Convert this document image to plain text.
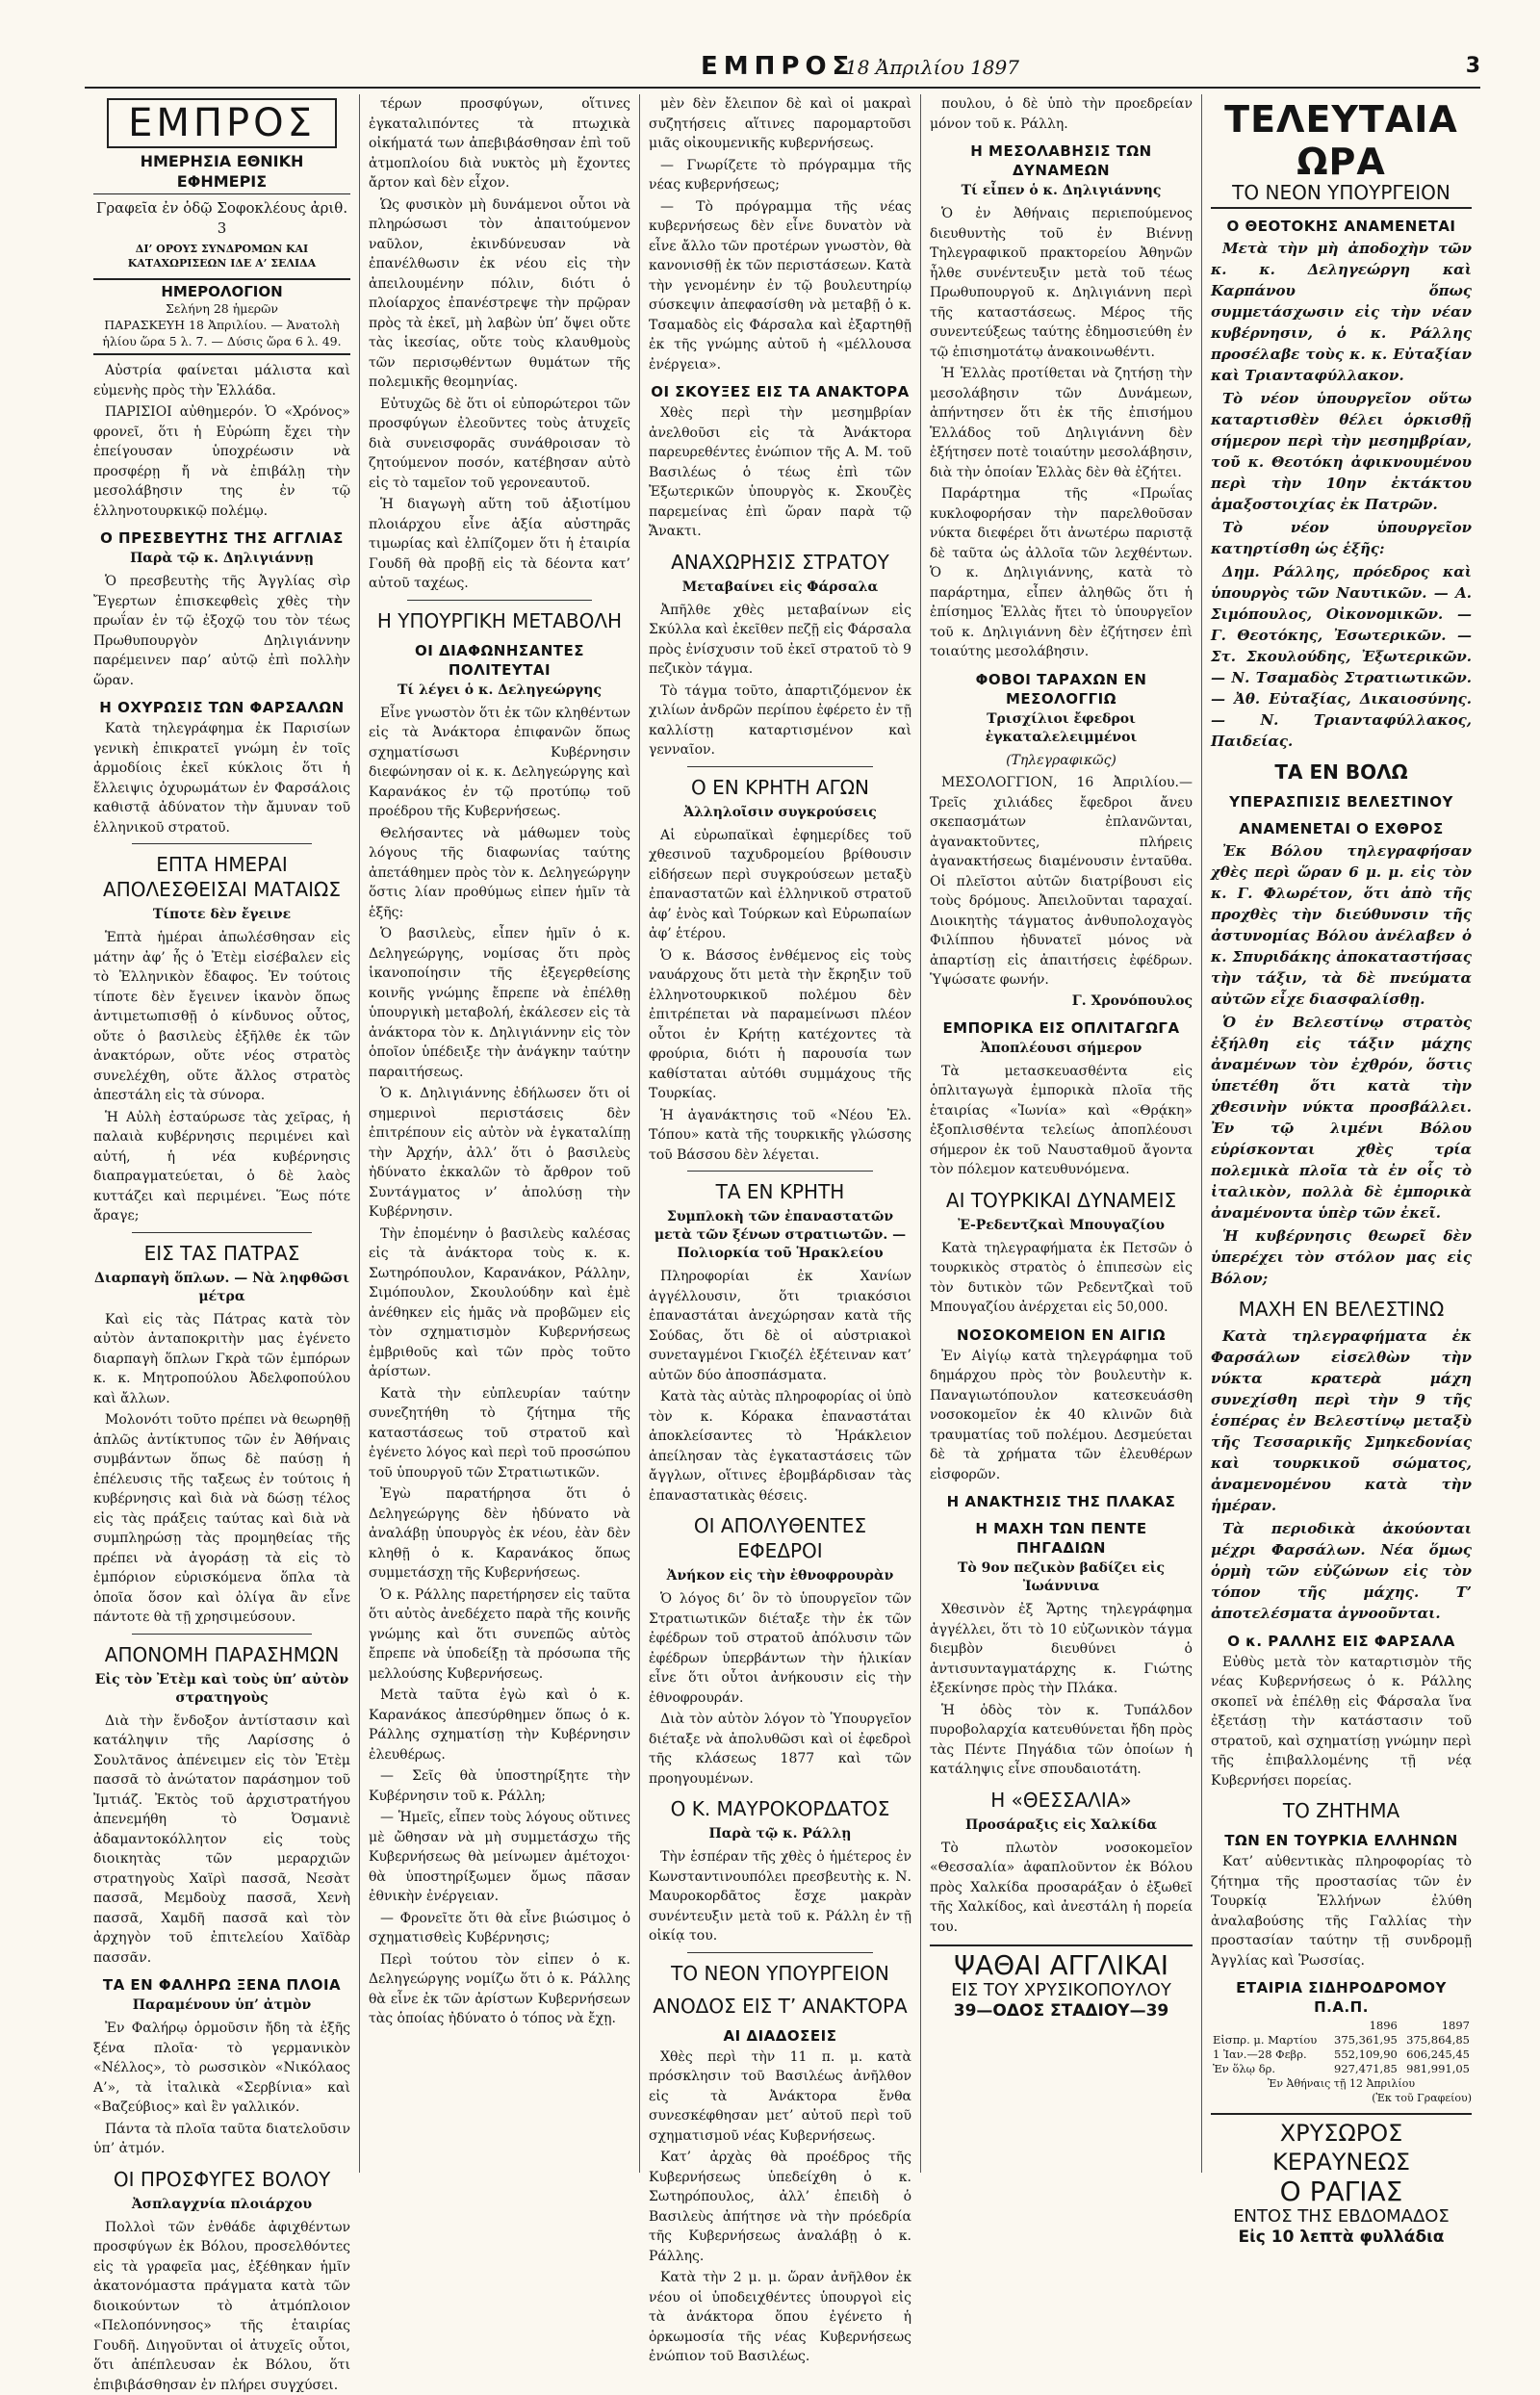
ΕΜΠΡΟΣ
18 Ἀπριλίου 1897	3
ΕΜΠΡΟΣ
ΗΜΕΡΗΣΙΑ ΕΘΝΙΚΗ ΕΦΗΜΕΡΙΣ
Γραφεῖα ἐν ὁδῷ Σοφοκλέους ἀριθ. 3
ΔΙ’ ΟΡΟΥΣ ΣΥΝΔΡΟΜΩΝ ΚΑΙ ΚΑΤΑΧΩΡΙΣΕΩΝ ΙΔΕ Α’ ΣΕΛΙΔΑ
ΗΜΕΡΟΛΟΓΙΟΝ
Σελήνη 28 ἡμερῶν
ΠΑΡΑΣΚΕΥΗ 18 Ἀπριλίου. — Ἀνατολὴ ἡλίου ὥρα 5 λ. 7. — Δύσις ὥρα 6 λ. 49.

Αὐστρία φαίνεται μάλιστα καὶ εὐμενὴς πρὸς τὴν Ἑλλάδα.

ΠΑΡΙΣΙΟΙ αὐθημερόν. Ὁ «Χρόνος» φρονεῖ, ὅτι ἡ Εὐρώπη ἔχει τὴν ἐπείγουσαν ὑποχρέωσιν νὰ προσφέρῃ ἤ νὰ ἐπιβάλῃ τὴν μεσολάβησιν της ἐν τῷ ἑλληνοτουρκικῷ πολέμῳ.

Ο ΠΡΕΣΒΕΥΤΗΣ ΤΗΣ ΑΓΓΛΙΑΣ
Παρὰ τῷ κ. Δηλιγιάννῃ

Ὁ πρεσβευτὴς τῆς Ἀγγλίας σὶρ Ἔγερτων ἐπισκεφθεὶς χθὲς τὴν πρωΐαν ἐν τῷ ἐξοχῷ του τὸν τέως Πρωθυπουργὸν Δηλιγιάννην παρέμεινεν παρ’ αὐτῷ ἐπὶ πολλὴν ὥραν.

Η ΟΧΥΡΩΣΙΣ ΤΩΝ ΦΑΡΣΑΛΩΝ

Κατὰ τηλεγράφημα ἐκ Παρισίων γενικὴ ἐπικρατεῖ γνώμη ἐν τοῖς ἁρμοδίοις ἐκεῖ κύκλοις ὅτι ἡ ἔλλειψις ὀχυρωμάτων ἐν Φαρσάλοις καθιστᾷ ἀδύνατον τὴν ἄμυναν τοῦ ἑλληνικοῦ στρατοῦ.

ΕΠΤΑ ΗΜΕΡΑΙ ΑΠΟΛΕΣΘΕΙΣΑΙ ΜΑΤΑΙΩΣ
Τίποτε δὲν ἔγεινε

Ἑπτὰ ἡμέραι ἀπωλέσθησαν εἰς μάτην ἀφ’ ἧς ὁ Ἐτὲμ εἰσέβαλεν εἰς τὸ Ἑλληνικὸν ἔδαφος. Ἐν τούτοις τίποτε δὲν ἔγεινεν ἱκανὸν ὅπως ἀντιμετωπισθῇ ὁ κίνδυνος οὗτος, οὔτε ὁ βασιλεὺς ἐξῆλθε ἐκ τῶν ἀνακτόρων, οὔτε νέος στρατὸς συνελέχθη, οὔτε ἄλλος στρατὸς ἀπεστάλη εἰς τὰ σύνορα.

Ἡ Αὐλὴ ἐσταύρωσε τὰς χεῖρας, ἡ παλαιὰ κυβέρνησις περιμένει καὶ αὐτή, ἡ νέα κυβέρνησις διαπραγματεύεται, ὁ δὲ λαὸς κυττάζει καὶ περιμένει. Ἕως πότε ἄραγε;

ΕΙΣ ΤΑΣ ΠΑΤΡΑΣ
Διαρπαγὴ ὅπλων. — Νὰ ληφθῶσι μέτρα

Καὶ εἰς τὰς Πάτρας κατὰ τὸν αὐτὸν ἀνταποκριτὴν μας ἐγένετο διαρπαγὴ ὅπλων Γκρὰ τῶν ἐμπόρων κ. κ. Μητροπούλου Ἀδελφοπούλου καὶ ἄλλων.

Μολονότι τοῦτο πρέπει νὰ θεωρηθῇ ἁπλῶς ἀντίκτυπος τῶν ἐν Ἀθήναις συμβάντων ὅπως δὲ παύσῃ ἡ ἐπέλευσις τῆς ταξεως ἐν τούτοις ἡ κυβέρνησις καὶ διὰ νὰ δώσῃ τέλος εἰς τὰς πράξεις ταύτας καὶ διὰ νὰ συμπληρώσῃ τὰς προμηθείας τῆς πρέπει νὰ ἀγοράσῃ τὰ εἰς τὸ ἐμπόριον εὑρισκόμενα ὅπλα τὰ ὁποῖα ὅσον καὶ ὀλίγα ἂν εἶνε πάντοτε θὰ τῇ χρησιμεύσουν.

ΑΠΟΝΟΜΗ ΠΑΡΑΣΗΜΩΝ
Εἰς τὸν Ἐτὲμ καὶ τοὺς ὑπ’ αὐτὸν στρατηγοὺς

Διὰ τὴν ἔνδοξον ἀντίστασιν καὶ κατάληψιν τῆς Λαρίσσης ὁ Σουλτᾶνος ἀπένειμεν εἰς τὸν Ἐτὲμ πασσᾶ τὸ ἀνώτατον παράσημον τοῦ Ἰμτιάζ. Ἐκτὸς τοῦ ἀρχιστρατήγου ἀπενεμήθη τὸ Ὀσμανιὲ ἀδαμαντοκόλλητον εἰς τοὺς διοικητὰς τῶν μεραρχιῶν στρατηγοὺς Χαϊρὶ πασσᾶ, Νεσὰτ πασσᾶ, Μεμδοὺχ πασσᾶ, Χενὴ πασσᾶ, Χαμδῆ πασσᾶ καὶ τὸν ἀρχηγὸν τοῦ ἐπιτελείου Χαϊδὰρ πασσᾶν.

ΤΑ ΕΝ ΦΑΛΗΡΩ ΞΕΝΑ ΠΛΟΙΑ
Παραμένουν ὑπ’ ἀτμὸν

Ἐν Φαλήρῳ ὁρμοῦσιν ἤδη τὰ ἑξῆς ξένα πλοῖα· τὸ γερμανικὸν «Νέλλος», τὸ ρωσσικὸν «Νικόλαος Α’», τὰ ἰταλικὰ «Σερβίνια» καὶ «Βαζεύβιος» καὶ ἓν γαλλικόν.

Πάντα τὰ πλοῖα ταῦτα διατελοῦσιν ὑπ’ ἀτμόν.

ΟΙ ΠΡΟΣΦΥΓΕΣ ΒΟΛΟΥ
Ἀσπλαγχνία πλοιάρχου

Πολλοὶ τῶν ἐνθάδε ἀφιχθέντων προσφύγων ἐκ Βόλου, προσελθόντες εἰς τὰ γραφεῖα μας, ἐξέθηκαν ἡμῖν ἀκατονόμαστα πράγματα κατὰ τῶν διοικούντων τὸ ἀτμόπλοιον «Πελοπόννησος» τῆς ἑταιρίας Γουδῆ. Διηγοῦνται οἱ ἀτυχεῖς οὗτοι, ὅτι ἀπέπλευσαν ἐκ Βόλου, ὅτι ἐπιβιβάσθησαν ἐν πλήρει συγχύσει.

τέρων προσφύγων, οἵτινες ἐγκαταλιπόντες τὰ πτωχικὰ οἰκήματά των ἀπεβιβάσθησαν ἐπὶ τοῦ ἀτμοπλοίου διὰ νυκτὸς μὴ ἔχοντες ἄρτον καὶ δὲν εἶχον.

Ὡς φυσικὸν μὴ δυνάμενοι οὗτοι νὰ πληρώσωσι τὸν ἀπαιτούμενον ναῦλον, ἐκινδύνευσαν νὰ ἐπανέλθωσιν ἐκ νέου εἰς τὴν ἀπειλουμένην πόλιν, διότι ὁ πλοίαρχος ἐπανέστρεψε τὴν πρῷραν πρὸς τὰ ἐκεῖ, μὴ λαβὼν ὑπ’ ὄψει οὔτε τὰς ἱκεσίας, οὔτε τοὺς κλαυθμοὺς τῶν περισῳθέντων θυμάτων τῆς πολεμικῆς θεομηνίας.

Εὐτυχῶς δὲ ὅτι οἱ εὐπορώτεροι τῶν προσφύγων ἐλεοῦντες τοὺς ἀτυχεῖς διὰ συνεισφορᾶς συνάθροισαν τὸ ζητούμενον ποσόν, κατέβησαν αὐτὸ εἰς τὸ ταμεῖον τοῦ γερονεαυτοῦ.

Ἡ διαγωγὴ αὕτη τοῦ ἀξιοτίμου πλοιάρχου εἶνε ἀξία αὐστηρᾶς τιμωρίας καὶ ἐλπίζομεν ὅτι ἡ ἑταιρία Γουδῆ θὰ προβῇ εἰς τὰ δέοντα κατ’ αὐτοῦ ταχέως.

Η ΥΠΟΥΡΓΙΚΗ ΜΕΤΑΒΟΛΗ
ΟΙ ΔΙΑΦΩΝΗΣΑΝΤΕΣ ΠΟΛΙΤΕΥΤΑΙ
Τί λέγει ὁ κ. Δεληγεώργης

Εἶνε γνωστὸν ὅτι ἐκ τῶν κληθέντων εἰς τὰ Ἀνάκτορα ἐπιφανῶν ὅπως σχηματίσωσι Κυβέρνησιν διεφώνησαν οἱ κ. κ. Δεληγεώργης καὶ Καρανάκος ἐν τῷ προτύπῳ τοῦ προέδρου τῆς Κυβερνήσεως.

Θελήσαντες νὰ μάθωμεν τοὺς λόγους τῆς διαφωνίας ταύτης ἀπετάθημεν πρὸς τὸν κ. Δεληγεώργην ὅστις λίαν προθύμως εἰπεν ἡμῖν τὰ ἑξῆς:

Ὁ βασιλεὺς, εἶπεν ἡμῖν ὁ κ. Δεληγεώργης, νομίσας ὅτι πρὸς ἱκανοποίησιν τῆς ἐξεγερθείσης κοινῆς γνώμης ἔπρεπε νὰ ἐπέλθῃ ὑπουργικὴ μεταβολή, ἐκάλεσεν εἰς τὰ ἀνάκτορα τὸν κ. Δηλιγιάννην εἰς τὸν ὁποῖον ὑπέδειξε τὴν ἀνάγκην ταύτην παραιτήσεως.

Ὁ κ. Δηλιγιάννης ἐδήλωσεν ὅτι οἱ σημερινοὶ περιστάσεις δὲν ἐπιτρέπουν εἰς αὐτὸν νὰ ἐγκαταλίπῃ τὴν Ἀρχήν, ἀλλ’ ὅτι ὁ βασιλεὺς ἠδύνατο ἐκκαλῶν τὸ ἄρθρον τοῦ Συντάγματος ν’ ἀπολύσῃ τὴν Κυβέρνησιν.

Τὴν ἐπομένην ὁ βασιλεὺς καλέσας εἰς τὰ ἀνάκτορα τοὺς κ. κ. Σωτηρόπουλον, Καρανάκον, Ράλλην, Σιμόπουλον, Σκουλούδην καὶ ἐμὲ ἀνέθηκεν εἰς ἡμᾶς νὰ προβῶμεν εἰς τὸν σχηματισμὸν Κυβερνήσεως ἐμβριθοῦς καὶ τῶν πρὸς τοῦτο ἀρίστων.

Κατὰ τὴν εὐπλευρίαν ταύτην συνεζητήθη τὸ ζήτημα τῆς καταστάσεως τοῦ στρατοῦ καὶ ἐγένετο λόγος καὶ περὶ τοῦ προσώπου τοῦ ὑπουργοῦ τῶν Στρατιωτικῶν.

Ἐγὼ παρατήρησα ὅτι ὁ Δεληγεώργης δὲν ἠδύνατο νὰ ἀναλάβῃ ὑπουργὸς ἐκ νέου, ἐὰν δὲν κληθῇ ὁ κ. Καρανάκος ὅπως συμμετάσχῃ τῆς Κυβερνήσεως.

Ὁ κ. Ράλλης παρετήρησεν εἰς ταῦτα ὅτι αὐτὸς ἀνεδέχετο παρὰ τῆς κοινῆς γνώμης καὶ ὅτι συνεπῶς αὐτὸς ἔπρεπε νὰ ὑποδείξῃ τὰ πρόσωπα τῆς μελλούσης Κυβερνήσεως.

Μετὰ ταῦτα ἐγὼ καὶ ὁ κ. Καρανάκος ἀπεσύρθημεν ὅπως ὁ κ. Ράλλης σχηματίσῃ τὴν Κυβέρνησιν ἐλευθέρως.

— Σεῖς θὰ ὑποστηρίξητε τὴν Κυβέρνησιν τοῦ κ. Ράλλη;

— Ἡμεῖς, εἶπεν τοὺς λόγους οὕτινες μὲ ὤθησαν νὰ μὴ συμμετάσχω τῆς Κυβερνήσεως θὰ μείνωμεν ἀμέτοχοι· θὰ ὑποστηρίξωμεν ὅμως πᾶσαν ἐθνικὴν ἐνέργειαν.

— Φρονεῖτε ὅτι θὰ εἶνε βιώσιμος ὁ σχηματισθεὶς Κυβέρνησις;

Περὶ τούτου τὸν εἰπεν ὁ κ. Δεληγεώργης νομίζω ὅτι ὁ κ. Ράλλης θὰ εἶνε ἐκ τῶν ἀρίστων Κυβερνήσεων τὰς ὁποίας ἠδύνατο ὁ τόπος νὰ ἔχῃ.

μὲν δὲν ἔλειπον δὲ καὶ οἱ μακραὶ συζητήσεις αἵτινες παρομαρτοῦσι μιᾶς οἰκουμενικῆς κυβερνήσεως.

— Γνωρίζετε τὸ πρόγραμμα τῆς νέας κυβερνήσεως;

— Τὸ πρόγραμμα τῆς νέας κυβερνήσεως δὲν εἶνε δυνατὸν νὰ εἶνε ἄλλο τῶν προτέρων γνωστὸν, θὰ κανονισθῇ ἐκ τῶν περιστάσεων. Κατὰ τὴν γενομένην ἐν τῷ βουλευτηρίῳ σύσκεψιν ἀπεφασίσθη νὰ μεταβῇ ὁ κ. Τσαμαδὸς εἰς Φάρσαλα καὶ ἐξαρτηθῇ ἐκ τῆς γνώμης αὐτοῦ ἡ «μέλλουσα ἐνέργεια».

ΟΙ ΣΚΟΥΞΕΣ ΕΙΣ ΤΑ ΑΝΑΚΤΟΡΑ

Χθὲς περὶ τὴν μεσημβρίαν ἀνελθοῦσι εἰς τὰ Ἀνάκτορα παρευρεθέντες ἐνώπιον τῆς Α. Μ. τοῦ Βασιλέως ὁ τέως ἐπὶ τῶν Ἐξωτερικῶν ὑπουργὸς κ. Σκουζὲς παρεμείνας ἐπὶ ὥραν παρὰ τῷ Ἄνακτι.

ΑΝΑΧΩΡΗΣΙΣ ΣΤΡΑΤΟΥ
Μεταβαίνει εἰς Φάρσαλα

Ἀπῆλθε χθὲς μεταβαίνων εἰς Σκύλλα καὶ ἐκεῖθεν πεζῇ εἰς Φάρσαλα πρὸς ἐνίσχυσιν τοῦ ἐκεῖ στρατοῦ τὸ 9 πεζικὸν τάγμα.

Τὸ τάγμα τοῦτο, ἀπαρτιζόμενον ἐκ χιλίων ἀνδρῶν περίπου ἐφέρετο ἐν τῇ καλλίστῃ καταρτισμένον καὶ γενναῖον.

Ο ΕΝ ΚΡΗΤΗ ΑΓΩΝ
Ἀλληλοῖσιν συγκρούσεις

Αἱ εὐρωπαϊκαὶ ἐφημερίδες τοῦ χθεσινοῦ ταχυδρομείου βρίθουσιν εἰδήσεων περὶ συγκρούσεων μεταξὺ ἐπαναστατῶν καὶ ἑλληνικοῦ στρατοῦ ἀφ’ ἑνὸς καὶ Τούρκων καὶ Εὐρωπαίων ἀφ’ ἑτέρου.

Ὁ κ. Βάσσος ἐνθέμενος εἰς τοὺς ναυάρχους ὅτι μετὰ τὴν ἔκρηξιν τοῦ ἑλληνοτουρκικοῦ πολέμου δὲν ἐπιτρέπεται νὰ παραμείνωσι πλέον οὗτοι ἐν Κρήτῃ κατέχοντες τὰ φρούρια, διότι ἡ παρουσία των καθίσταται αὐτόθι συμμάχους τῆς Τουρκίας.

Ἡ ἀγανάκτησις τοῦ «Νέου Ἐλ. Τόπου» κατὰ τῆς τουρκικῆς γλώσσης τοῦ Βάσσου δὲν λέγεται.

ΤΑ ΕΝ ΚΡΗΤΗ
Συμπλοκὴ τῶν ἐπαναστατῶν μετὰ τῶν ξένων στρατιωτῶν. — Πολιορκία τοῦ Ἡρακλείου

Πληροφορίαι ἐκ Χανίων ἀγγέλλουσιν, ὅτι τριακόσιοι ἐπαναστάται ἀνεχώρησαν κατὰ τῆς Σούδας, ὅτι δὲ οἱ αὐστριακοὶ συνεταγμένοι Γκιοζέλ ἐξέτειναν κατ’ αὐτῶν δύο ἀποσπάσματα.

Κατὰ τὰς αὐτὰς πληροφορίας οἱ ὑπὸ τὸν κ. Κόρακα ἐπαναστάται ἀποκλείσαντες τὸ Ἡράκλειον ἀπείλησαν τὰς ἐγκαταστάσεις τῶν ἄγγλων, οἵτινες ἐβομβάρδισαν τὰς ἐπαναστατικὰς θέσεις.

ΟΙ ΑΠΟΛΥΘΕΝΤΕΣ ΕΦΕΔΡΟΙ
Ἀνήκον εἰς τὴν ἐθνοφρουρὰν

Ὁ λόγος δι’ ὃν τὸ ὑπουργεῖον τῶν Στρατιωτικῶν διέταξε τὴν ἐκ τῶν ἐφέδρων τοῦ στρατοῦ ἀπόλυσιν τῶν ἐφέδρων ὑπερβάντων τὴν ἡλικίαν εἶνε ὅτι οὗτοι ἀνήκουσιν εἰς τὴν ἐθνοφρουράν.

Διὰ τὸν αὐτὸν λόγον τὸ Ὑπουργεῖον διέταξε νὰ ἀπολυθῶσι καὶ οἱ ἐφεδροὶ τῆς κλάσεως 1877 καὶ τῶν προηγουμένων.

Ο Κ. ΜΑΥΡΟΚΟΡΔΑΤΟΣ
Παρὰ τῷ κ. Ράλλῃ

Τὴν ἑσπέραν τῆς χθὲς ὁ ἡμέτερος ἐν Κωνσταντινουπόλει πρεσβευτὴς κ. Ν. Μαυροκορδᾶτος ἔσχε μακρὰν συνέντευξιν μετὰ τοῦ κ. Ράλλη ἐν τῇ οἰκίᾳ του.

ΤΟ ΝΕΟΝ ΥΠΟΥΡΓΕΙΟΝ
ΑΝΟΔΟΣ ΕΙΣ Τ’ ΑΝΑΚΤΟΡΑ
ΑΙ ΔΙΑΔΟΣΕΙΣ

Χθὲς περὶ τὴν 11 π. μ. κατὰ πρόσκλησιν τοῦ Βασιλέως ἀνῆλθον εἰς τὰ Ἀνάκτορα ἔνθα συνεσκέφθησαν μετ’ αὐτοῦ περὶ τοῦ σχηματισμοῦ νέας Κυβερνήσεως.

Κατ’ ἀρχὰς θὰ προέδρος τῆς Κυβερνήσεως ὑπεδείχθη ὁ κ. Σωτηρόπουλος, ἀλλ’ ἐπειδὴ ὁ Βασιλεὺς ἀπήτησε νὰ τὴν πρόεδρία τῆς Κυβερνήσεως ἀναλάβῃ ὁ κ. Ράλλης.

Κατὰ τὴν 2 μ. μ. ὥραν ἀνῆλθον ἐκ νέου οἱ ὑποδειχθέντες ὑπουργοὶ εἰς τὰ ἀνάκτορα ὅπου ἐγένετο ἡ ὁρκωμοσία τῆς νέας Κυβερνήσεως ἐνώπιον τοῦ Βασιλέως.

πουλου, ὁ δὲ ὑπὸ τὴν προεδρείαν μόνον τοῦ κ. Ράλλη.

Η ΜΕΣΟΛΑΒΗΣΙΣ ΤΩΝ ΔΥΝΑΜΕΩΝ
Τί εἶπεν ὁ κ. Δηλιγιάννης

Ὁ ἐν Ἀθήναις περιεπούμενος διευθυντὴς τοῦ ἐν Βιέννῃ Τηλεγραφικοῦ πρακτορείου Ἀθηνῶν ἦλθε συνέντευξιν μετὰ τοῦ τέως Πρωθυπουργοῦ κ. Δηλιγιάννη περὶ τῆς καταστάσεως. Μέρος τῆς συνεντεύξεως ταύτης ἐδημοσιεύθη ἐν τῷ ἐπισημοτάτῳ ἀνακοινωθέντι.

Ἡ Ἑλλὰς προτίθεται νὰ ζητήσῃ τὴν μεσολάβησιν τῶν Δυνάμεων, ἀπήντησεν ὅτι ἐκ τῆς ἐπισήμου Ἑλλάδος τοῦ Δηλιγιάννη δὲν ἐξήτησεν ποτὲ τοιαύτην μεσολάβησιν, διὰ τὴν ὁποίαν Ἑλλὰς δὲν θὰ ἐζήτει.

Παράρτημα τῆς «Πρωΐας κυκλοφορήσαν τὴν παρελθοῦσαν νύκτα διεφέρει ὅτι ἀνωτέρω παριστᾷ δὲ ταῦτα ὡς ἀλλοῖα τῶν λεχθέντων. Ὁ κ. Δηλιγιάννης, κατὰ τὸ παράρτημα, εἶπεν ἀληθῶς ὅτι ἡ ἐπίσημος Ἑλλὰς ἤτει τὸ ὑπουργεῖον τοῦ κ. Δηλιγιάννη δὲν ἐζήτησεν ἐπὶ τοιαύτης μεσολάβησιν.

ΦΟΒΟΙ ΤΑΡΑΧΩΝ ΕΝ ΜΕΣΟΛΟΓΓΙΩ
Τρισχίλιοι ἔφεδροι ἐγκαταλελειμμένοι
(Τηλεγραφικῶς)

ΜΕΣΟΛΟΓΓΙΟΝ, 16 Ἀπριλίου.— Τρεῖς χιλιάδες ἔφεδροι ἄνευ σκεπασμάτων ἐπλανῶνται, ἀγανακτοῦντες, πλήρεις ἀγανακτήσεως διαμένουσιν ἐνταῦθα. Οἱ πλεῖστοι αὐτῶν διατρίβουσι εἰς τοὺς δρόμους. Ἀπειλοῦνται ταραχαί. Διοικητὴς τάγματος ἀνθυπολοχαγὸς Φιλίππου ἠδυνατεῖ μόνος νὰ ἀπαρτίσῃ εἰς ἀπαιτήσεις ἐφέδρων. Ὑψώσατε φωνήν.

Γ. Χρονόπουλος
ΕΜΠΟΡΙΚΑ ΕΙΣ ΟΠΛΙΤΑΓΩΓΑ
Ἀποπλέουσι σήμερον

Τὰ μετασκευασθέντα εἰς ὁπλιταγωγὰ ἐμπορικὰ πλοῖα τῆς ἑταιρίας «Ἰωνία» καὶ «Θρᾴκη» ἐξοπλισθέντα τελείως ἀποπλέουσι σήμερον ἐκ τοῦ Ναυσταθμοῦ ἄγοντα τὸν πόλεμον κατευθυνόμενα.

ΑΙ ΤΟΥΡΚΙΚΑΙ ΔΥΝΑΜΕΙΣ
Ἐ-Ρεδεντζκαὶ Μπουγαζίου

Κατὰ τηλεγραφήματα ἐκ Πετσῶν ὁ τουρκικὸς στρατὸς ὁ ἐπιπεσὼν εἰς τὸν δυτικὸν τῶν Ρεδεντζκαὶ τοῦ Μπουγαζίου ἀνέρχεται εἰς 50,000.

ΝΟΣΟΚΟΜΕΙΟΝ ΕΝ ΑΙΓΙΩ

Ἐν Αἰγίῳ κατὰ τηλεγράφημα τοῦ δημάρχου πρὸς τὸν βουλευτὴν κ. Παναγιωτόπουλον κατεσκευάσθη νοσοκομεῖον ἐκ 40 κλινῶν διὰ τραυματίας τοῦ πολέμου. Δεσμεύεται δὲ τὰ χρήματα τῶν ἐλευθέρων εἰσφορῶν.

Η ΑΝΑΚΤΗΣΙΣ ΤΗΣ ΠΛΑΚΑΣ
Η ΜΑΧΗ ΤΩΝ ΠΕΝΤΕ ΠΗΓΑΔΙΩΝ
Τὸ 9ον πεζικὸν βαδίζει εἰς Ἰωάννινα

Χθεσινὸν ἐξ Ἄρτης τηλεγράφημα ἀγγέλλει, ὅτι τὸ 10 εὐζωνικὸν τάγμα διεμβὸν διευθύνει ὁ ἀντισυνταγματάρχης κ. Γιώτης ἐξεκίνησε πρὸς τὴν Πλάκα.

Ἡ ὁδὸς τὸν κ. Τυπάλδον πυροβολαρχία κατευθύνεται ἤδη πρὸς τὰς Πέντε Πηγάδια τῶν ὁποίων ἡ κατάληψις εἶνε σπουδαιοτάτη.

Η «ΘΕΣΣΑΛΙΑ»
Προσάραξις εἰς Χαλκίδα

Τὸ πλωτὸν νοσοκομεῖον «Θεσσαλία» ἀφαπλοῦντον ἐκ Βόλου πρὸς Χαλκίδα προσαράξαν ὁ ἐξωθεῖ τῆς Χαλκίδος, καὶ ἀνεστάλη ἡ πορεία του.

ΨΑΘΑΙ ΑΓΓΛΙΚΑΙ
ΕΙΣ ΤΟΥ ΧΡΥΣΙΚΟΠΟΥΛΟΥ
39—ΟΔΟΣ ΣΤΑΔΙΟΥ—39
ΤΕΛΕΥΤΑΙΑ ΩΡΑ
ΤΟ ΝΕΟΝ ΥΠΟΥΡΓΕΙΟΝ
Ο ΘΕΟΤΟΚΗΣ ΑΝΑΜΕΝΕΤΑΙ

Μετὰ τὴν μὴ ἀποδοχὴν τῶν κ. κ. Δεληγεώργη καὶ Καρπάνου ὅπως συμμετάσχωσιν εἰς τὴν νέαν κυβέρνησιν, ὁ κ. Ράλλης προσέλαβε τοὺς κ. κ. Εὐταξίαν καὶ Τριανταφύλλακον.

Τὸ νέον ὑπουργεῖον οὕτω καταρτισθὲν θέλει ὁρκισθῇ σήμερον περὶ τὴν μεσημβρίαν, τοῦ κ. Θεοτόκη ἀφικνουμένου περὶ τὴν 10ην ἐκτάκτου ἀμαξοστοιχίας ἐκ Πατρῶν.

Τὸ νέον ὑπουργεῖον κατηρτίσθη ὡς ἑξῆς:

Δημ. Ράλλης, πρόεδρος καὶ ὑπουργὸς τῶν Ναυτικῶν. — Α. Σιμόπουλος, Οἰκονομικῶν. — Γ. Θεοτόκης, Ἐσωτερικῶν. — Στ. Σκουλούδης, Ἐξωτερικῶν. — Ν. Τσαμαδὸς Στρατιωτικῶν. — Ἀθ. Εὐταξίας, Δικαιοσύνης. — Ν. Τριανταφύλλακος, Παιδείας.

ΤΑ ΕΝ ΒΟΛΩ
ΥΠΕΡΑΣΠΙΣΙΣ ΒΕΛΕΣΤΙΝΟΥ
ΑΝΑΜΕΝΕΤΑΙ Ο ΕΧΘΡΟΣ

Ἐκ Βόλου τηλεγραφήσαν χθὲς περὶ ὥραν 6 μ. μ. εἰς τὸν κ. Γ. Φλωρέτον, ὅτι ἀπὸ τῆς προχθὲς τὴν διεύθυνσιν τῆς ἀστυνομίας Βόλου ἀνέλαβεν ὁ κ. Σπυριδάκης ἀποκαταστήσας τὴν τάξιν, τὰ δὲ πνεύματα αὐτῶν εἶχε διασφαλίσθῃ.

Ὁ ἐν Βελεστίνῳ στρατὸς ἐξήλθη εἰς τάξιν μάχης ἀναμένων τὸν ἐχθρόν, ὅστις ὑπετέθη ὅτι κατὰ τὴν χθεσινὴν νύκτα προσβάλλει. Ἐν τῷ λιμένι Βόλου εὑρίσκονται χθὲς τρία πολεμικὰ πλοῖα τὰ ἐν οἷς τὸ ἰταλικὸν, πολλὰ δὲ ἐμπορικὰ ἀναμένοντα ὑπὲρ τῶν ἐκεῖ.

Ἡ κυβέρνησις θεωρεῖ δὲν ὑπερέχει τὸν στόλον μας εἰς Βόλον;

ΜΑΧΗ ΕΝ ΒΕΛΕΣΤΙΝΩ

Κατὰ τηλεγραφήματα ἐκ Φαρσάλων εἰσελθὼν τὴν νύκτα κρατερὰ μάχη συνεχίσθη περὶ τὴν 9 τῆς ἑσπέρας ἐν Βελεστίνῳ μεταξὺ τῆς Τεσσαρικῆς Σμηκεδονίας καὶ τουρκικοῦ σώματος, ἀναμενομένου κατὰ τὴν ἡμέραν.

Τὰ περιοδικὰ ἀκούονται μέχρι Φαρσάλων. Νέα ὅμως ὁρμὴ τῶν εὐζώνων εἰς τὸν τόπον τῆς μάχης. Τ’ ἀποτελέσματα ἀγνοοῦνται.

Ο κ. ΡΑΛΛΗΣ ΕΙΣ ΦΑΡΣΑΛΑ

Εὐθὺς μετὰ τὸν καταρτισμὸν τῆς νέας Κυβερνήσεως ὁ κ. Ράλλης σκοπεῖ νὰ ἐπέλθῃ εἰς Φάρσαλα ἵνα ἐξετάσῃ τὴν κατάστασιν τοῦ στρατοῦ, καὶ σχηματίσῃ γνώμην περὶ τῆς ἐπιβαλλομένης τῇ νέᾳ Κυβερνήσει πορείας.

ΤΟ ΖΗΤΗΜΑ
ΤΩΝ ΕΝ ΤΟΥΡΚΙΑ ΕΛΛΗΝΩΝ

Κατ’ αὐθεντικὰς πληροφορίας τὸ ζήτημα τῆς προστασίας τῶν ἐν Τουρκίᾳ Ἑλλήνων ἐλύθη ἀναλαβούσης τῆς Γαλλίας τὴν προστασίαν ταύτην τῇ συνδρομῇ Ἀγγλίας καὶ Ῥωσσίας.

ΕΤΑΙΡΙΑ ΣΙΔΗΡΟΔΡΟΜΟΥ Π.Α.Π.
	1896	1897
Εἰσπρ. μ. Μαρτίου	375,361,95	375,864,85
1 Ἰαν.—28 Φεβρ.	552,109,90	606,245,45
Ἐν ὅλῳ δρ.	927,471,85	981,991,05
Ἐν Ἀθήναις τῇ 12 Ἀπριλίου
(Ἐκ τοῦ Γραφείου)
ΧΡΥΣΩΡΟΣ ΚΕΡΑΥΝΕΩΣ
Ο ΡΑΓΙΑΣ
ΕΝΤΟΣ ΤΗΣ ΕΒΔΟΜΑΔΟΣ
Εἰς 10 λεπτὰ φυλλάδια
